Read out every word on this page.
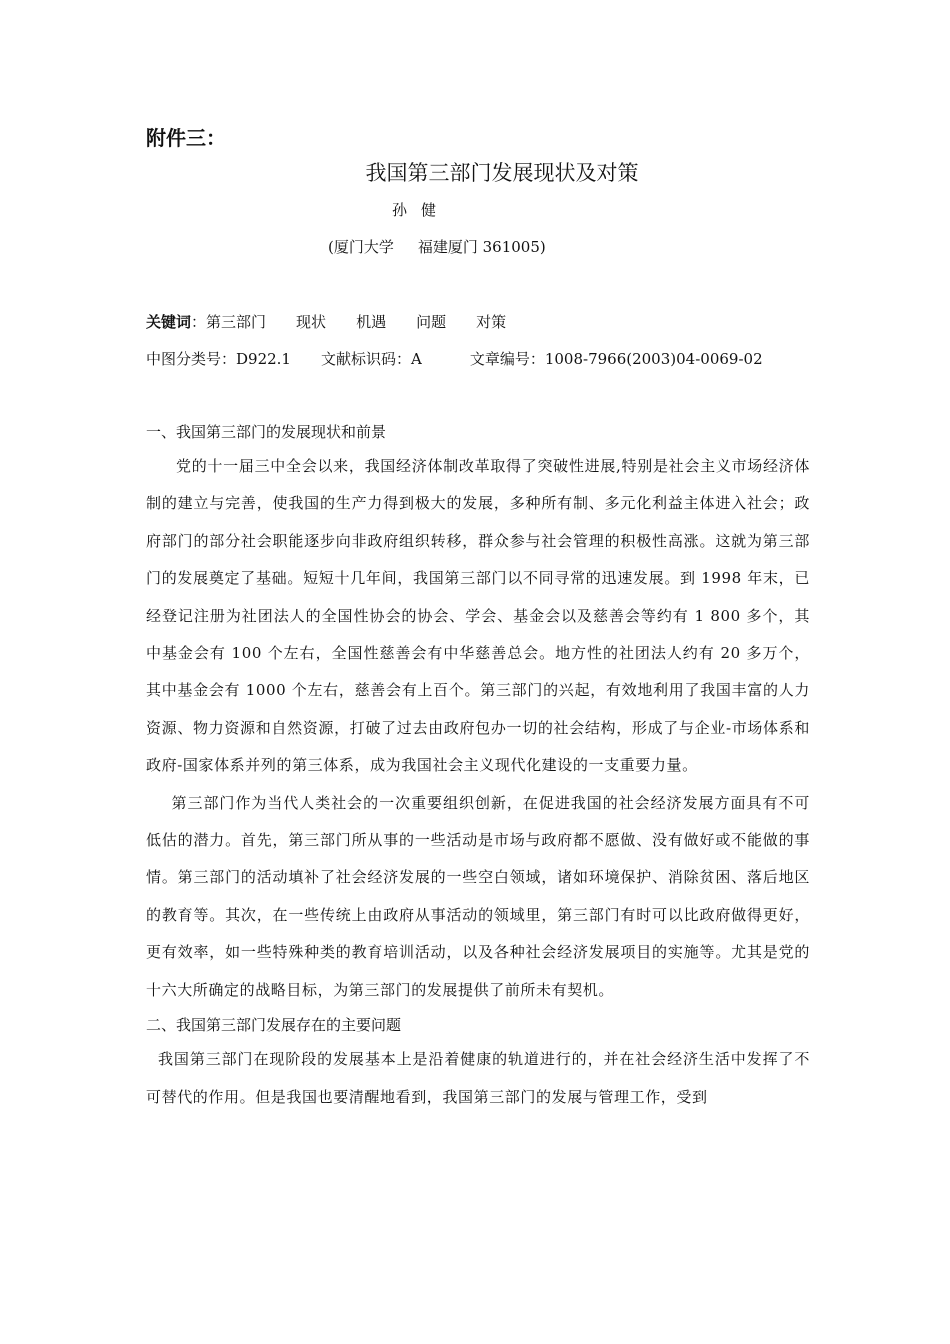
附件三：
我国第三部门发展现状及对策
孙 健
(厦门大学 福建厦门 361005)
关键词：第三部门 现状 机遇 问题 对策
中图分类号：D922.1 文献标识码：A	文章编号：1008-7966(2003)04-0069-02

一、我国第三部门的发展现状和前景

党的十一届三中全会以来，我国经济体制改革取得了突破性进展,特别是社会主义市场经济体制的建立与完善，使我国的生产力得到极大的发展，多种所有制、多元化利益主体进入社会；政府部门的部分社会职能逐步向非政府组织转移，群众参与社会管理的积极性高涨。这就为第三部门的发展奠定了基础。短短十几年间，我国第三部门以不同寻常的迅速发展。到 1998 年末，已经登记注册为社团法人的全国性协会的协会、学会、基金会以及慈善会等约有 1 800 多个，其中基金会有 100 个左右，全国性慈善会有中华慈善总会。地方性的社团法人约有 20 多万个，其中基金会有 1000 个左右，慈善会有上百个。第三部门的兴起，有效地利用了我国丰富的人力资源、物力资源和自然资源，打破了过去由政府包办一切的社会结构，形成了与企业-市场体系和政府-国家体系并列的第三体系，成为我国社会主义现代化建设的一支重要力量。

第三部门作为当代人类社会的一次重要组织创新，在促进我国的社会经济发展方面具有不可低估的潜力。首先，第三部门所从事的一些活动是市场与政府都不愿做、没有做好或不能做的事情。第三部门的活动填补了社会经济发展的一些空白领域，诸如环境保护、消除贫困、落后地区的教育等。其次，在一些传统上由政府从事活动的领域里，第三部门有时可以比政府做得更好，更有效率，如一些特殊种类的教育培训活动，以及各种社会经济发展项目的实施等。尤其是党的十六大所确定的战略目标，为第三部门的发展提供了前所未有契机。

二、我国第三部门发展存在的主要问题

我国第三部门在现阶段的发展基本上是沿着健康的轨道进行的，并在社会经济生活中发挥了不可替代的作用。但是我国也要清醒地看到，我国第三部门的发展与管理工作，受到
